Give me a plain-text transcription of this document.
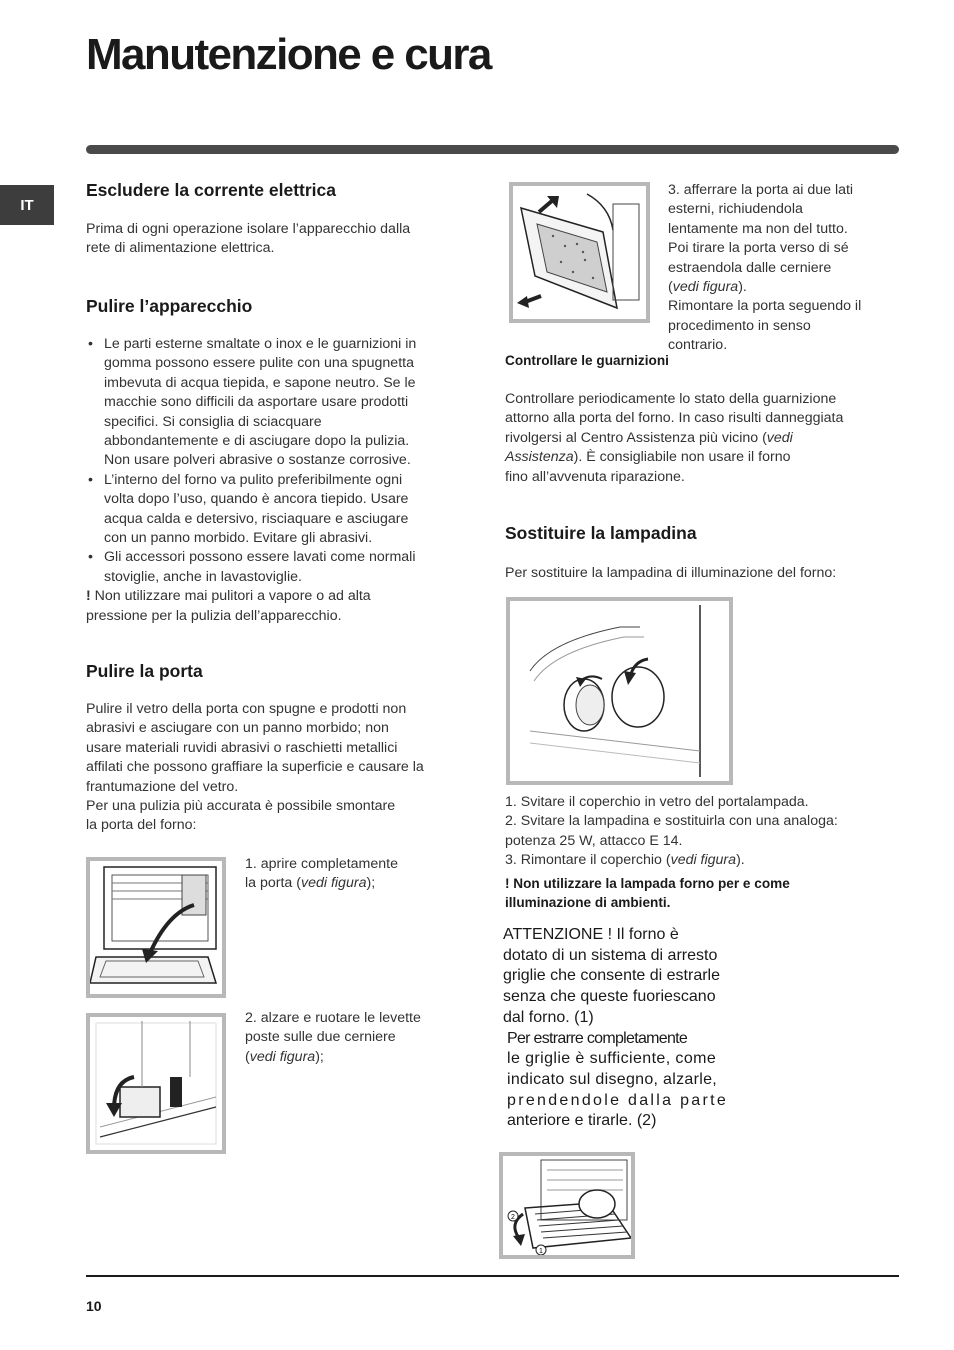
Manutenzione e cura
IT
Escludere la corrente elettrica
Prima di ogni operazione isolare l’apparecchio dalla
rete di alimentazione elettrica.
Pulire l’apparecchio
• Le parti esterne smaltate o inox e le guarnizioni in
gomma possono essere pulite con una spugnetta
imbevuta di acqua tiepida, e sapone neutro. Se le
macchie sono difficili da asportare usare prodotti
specifici. Si consiglia di sciacquare
abbondantemente e di asciugare dopo la pulizia.
Non usare polveri abrasive o sostanze corrosive.
• L’interno del forno va pulito preferibilmente ogni
volta dopo l’uso, quando è ancora tiepido. Usare
acqua calda e detersivo, risciaquare e asciugare
con un panno morbido. Evitare gli abrasivi.
• Gli accessori possono essere lavati come normali
stoviglie, anche in lavastoviglie.
! Non utilizzare mai pulitori a vapore o ad alta
pressione per la pulizia dell’apparecchio.
Pulire la porta
Pulire il vetro della porta con spugne e prodotti non
abrasivi e asciugare con un panno morbido; non
usare materiali ruvidi abrasivi o raschietti metallici
affilati che possono graffiare la superficie e causare la
frantumazione del vetro.
Per una pulizia più accurata è possibile smontare
la porta del forno:
1. aprire completamente
la porta (vedi figura);
2. alzare e ruotare le levette
poste sulle due cerniere
(vedi figura);
3. afferrare la porta ai due lati
esterni, richiudendola
lentamente ma non del tutto.
Poi tirare la porta verso di sé
estraendola dalle cerniere
(vedi figura).
Rimontare la porta seguendo il
procedimento in senso
contrario.
Controllare le guarnizioni
Controllare periodicamente lo stato della guarnizione
attorno alla porta del forno. In caso risulti danneggiata
rivolgersi al Centro Assistenza più vicino (vedi
Assistenza). È consigliabile non usare il forno
fino all’avvenuta riparazione.
Sostituire la lampadina
Per sostituire la lampadina di illuminazione del forno:
1. Svitare il coperchio in vetro del portalampada.
2. Svitare la lampadina e sostituirla con una analoga:
potenza 25 W, attacco E 14.
3. Rimontare il coperchio (vedi figura).
! Non utilizzare la lampada forno per e come
illuminazione di ambienti.
ATTENZIONE ! Il forno è
dotato di un sistema di arresto
griglie che consente di estrarle
senza che queste fuoriescano
dal forno. (1)
Per estrarre completamente
le griglie è sufficiente, come
indicato sul disegno, alzarle,
prendendole dalla parte
anteriore e tirarle. (2)
2
1
10
